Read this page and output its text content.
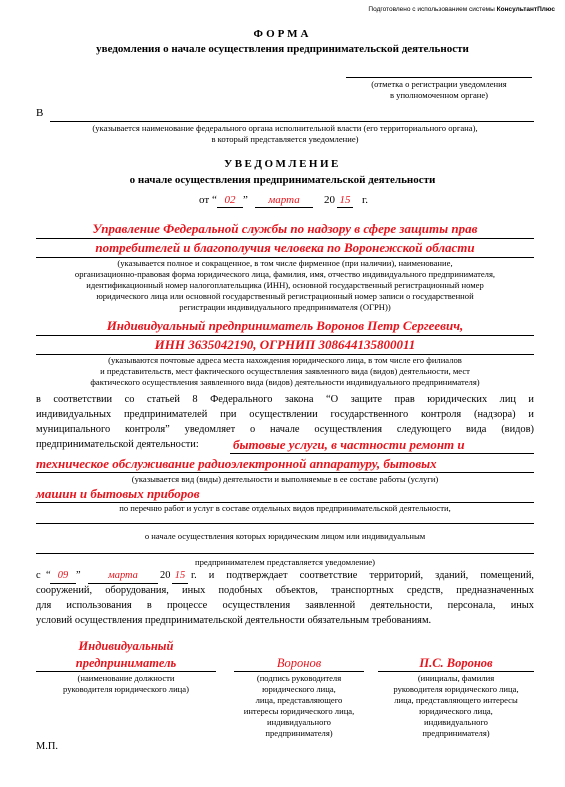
Подготовлено с использованием системы КонсультантПлюс
ФОРМА
уведомления о начале осуществления предпринимательской деятельности
(отметка о регистрации уведомления
в уполномоченном органе)
В
(указывается наименование федерального органа исполнительной власти (его территориального органа),
в который представляется уведомление)
УВЕДОМЛЕНИЕ
о начале осуществления предпринимательской деятельности
от “ 02 ”	марта	20 15 г.
Управление Федеральной службы по надзору в сфере защиты прав
потребителей и благополучия человека по Воронежской области
(указывается полное и сокращенное, в том числе фирменное (при наличии), наименование,
организационно-правовая форма юридического лица, фамилия, имя, отчество индивидуального предпринимателя,
идентификационный номер налогоплательщика (ИНН), основной государственный регистрационный номер
юридического лица или основной государственный регистрационный номер записи о государственной
регистрации индивидуального предпринимателя (ОГРН))
Индивидуальный предприниматель Воронов Петр Сергеевич,
ИНН 3635042190, ОГРНИП 308644135800011
(указываются почтовые адреса места нахождения юридического лица, в том числе его филиалов
и представительств, мест фактического осуществления заявленного вида (видов) деятельности, мест
фактического осуществления заявленного вида (видов) деятельности индивидуального предпринимателя)
в соответствии со статьей 8 Федерального закона “О защите прав юридических лиц и
индивидуальных предпринимателей при осуществлении государственного контроля (надзора) и
муниципального контроля” уведомляет о начале осуществления следующего вида (видов)
предпринимательской деятельности:	бытовые услуги, в частности ремонт и
техническое обслуживание радиоэлектронной аппаратуру, бытовых
(указывается вид (виды) деятельности и выполняемые в ее составе работы (услуги)
машин и бытовых приборов
по перечню работ и услуг в составе отдельных видов предпринимательской деятельности,
о начале осуществления которых юридическим лицом или индивидуальным
предпринимателем представляется уведомление)
с “ 09 ”	марта	20 15 г. и подтверждает соответствие территорий, зданий, помещений,
сооружений, оборудования, иных подобных объектов, транспортных средств, предназначенных
для использования в процессе осуществления заявленной деятельности, персонала, иных
условий осуществления предпринимательской деятельности обязательным требованиям.
Индивидуальный
предприниматель
(наименование должности
руководителя юридического лица)
Воронов
(подпись руководителя
юридического лица,
лица, представляющего
интересы юридического лица,
индивидуального
предпринимателя)
П.С. Воронов
(инициалы, фамилия
руководителя юридического лица,
лица, представляющего интересы
юридического лица,
индивидуального
предпринимателя)
М.П.
